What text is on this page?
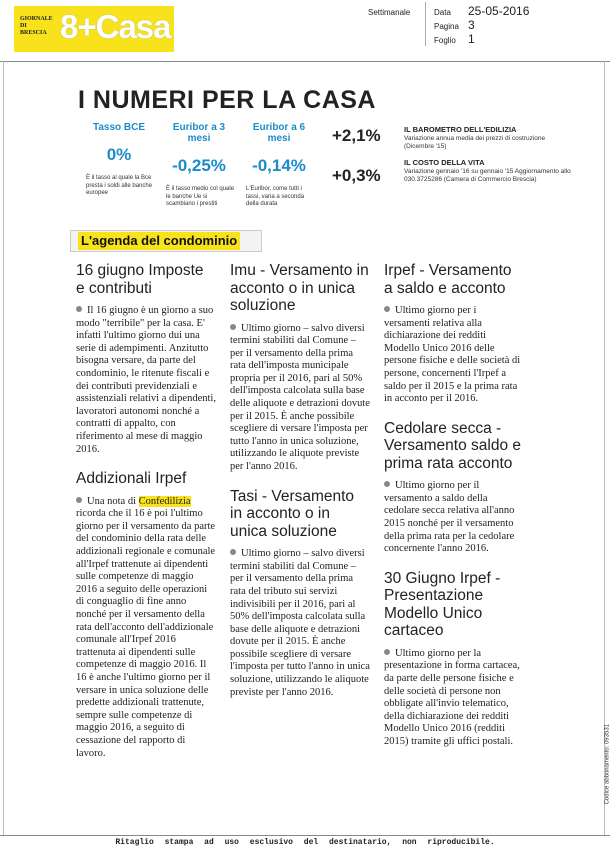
GIORNALE DI BRESCIA 8+Casa	Settimanale	Data 25-05-2016
Pagina 3
Foglio 1
I NUMERI PER LA CASA
Tasso BCE
0%
È il tasso al quale la Bce presta i soldi alle banche europee
Euribor a 3 mesi
-0,25%
È il tasso medio col quale le banche Ue si scambiano i prestiti
Euribor a 6 mesi
-0,14%
L'Euribor, come tutti i tassi, varia a seconda della durata
+2,1%	IL BAROMETRO DELL'EDILIZIA
Variazione annua media dei prezzi di costruzione (Dicembre '15)
+0,3%
IL COSTO DELLA VITA
Variazione gennaio '16 su gennaio '15 Aggiornamento allo 030.3725286 (Camera di Commercio Brescia)
L'agenda del condominio
16 giugno Imposte e contributi
Il 16 giugno è un giorno a suo modo "terribile" per la casa. E' infatti l'ultimo giorno dui una serie di adempimenti. Anzitutto bisogna versare, da parte del condominio, le ritenute fiscali e dei contributi previdenziali e assistenziali relativi a dipendenti, lavoratori autonomi nonché a contratti di appalto, con riferimento al mese di maggio 2016.
Addizionali Irpef
Una nota di Confedilizia ricorda che il 16 è poi l'ultimo giorno per il versamento da parte del condominio della rata delle addizionali regionale e comunale all'Irpef trattenute ai dipendenti sulle competenze di maggio 2016 a seguito delle operazioni di conguaglio di fine anno nonché per il versamento della rata dell'acconto dell'addizionale comunale all'Irpef 2016 trattenuta ai dipendenti sulle competenze di maggio 2016. Il 16 è anche l'ultimo giorno per il versare in unica soluzione delle predette addizionali trattenute, sempre sulle competenze di maggio 2016, a seguito di cessazione del rapporto di lavoro.
Imu - Versamento in acconto o in unica soluzione
Ultimo giorno – salvo diversi termini stabiliti dal Comune – per il versamento della prima rata dell'imposta municipale propria per il 2016, pari al 50% dell'imposta calcolata sulla base delle aliquote e detrazioni dovute per il 2015. È anche possibile scegliere di versare l'imposta per tutto l'anno in unica soluzione, utilizzando le aliquote previste per l'anno 2016.
Tasi - Versamento in acconto o in unica soluzione
Ultimo giorno – salvo diversi termini stabiliti dal Comune – per il versamento della prima rata del tributo sui servizi indivisibili per il 2016, pari al 50% dell'imposta calcolata sulla base delle aliquote e detrazioni dovute per il 2015. È anche possibile scegliere di versare l'imposta per tutto l'anno in unica soluzione, utilizzando le aliquote previste per l'anno 2016.
Irpef - Versamento a saldo e acconto
Ultimo giorno per i versamenti relativa alla dichiarazione dei redditi Modello Unico 2016 delle persone fisiche e delle società di persone, concernenti l'Irpef a saldo per il 2015 e la prima rata in acconto per il 2016.
Cedolare secca - Versamento saldo e prima rata acconto
Ultimo giorno per il versamento a saldo della cedolare secca relativa all'anno 2015 nonché per il versamento della prima rata per la cedolare concernente l'anno 2016.
30 Giugno Irpef - Presentazione Modello Unico cartaceo
Ultimo giorno per la presentazione in forma cartacea, da parte delle persone fisiche e delle società di persone non obbligate all'invio telematico, della dichiarazione dei redditi Modello Unico 2016 (redditi 2015) tramite gli uffici postali.	Codice abbonamento: 093531
Ritaglio stampa ad uso esclusivo del destinatario, non riproducibile.
